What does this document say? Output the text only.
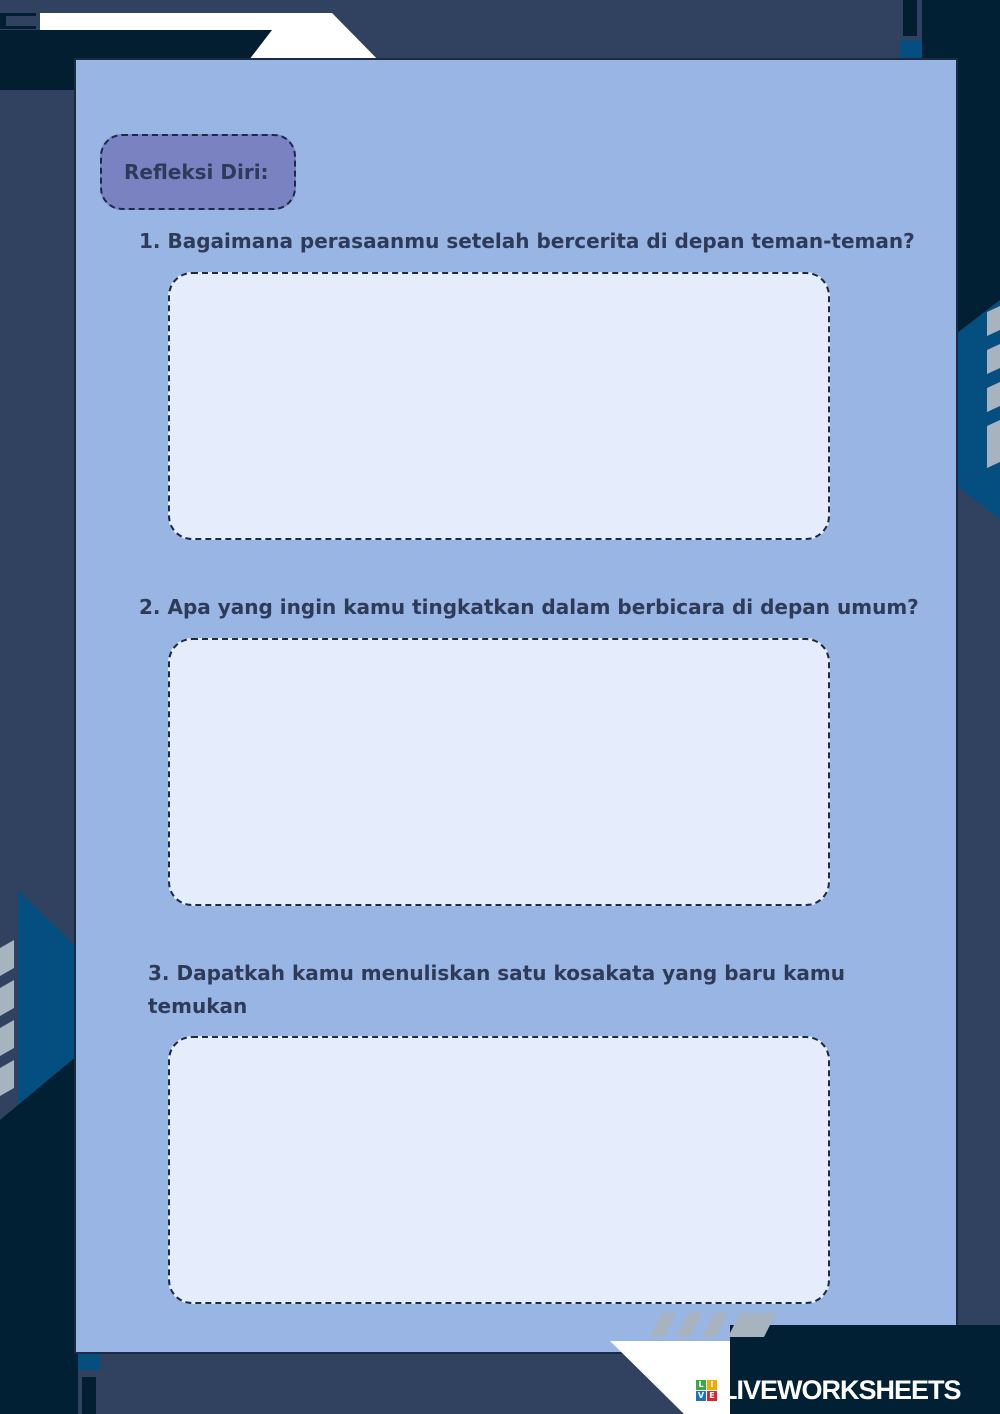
Refleksi Diri:

1. Bagaimana perasaanmu setelah bercerita di depan teman-teman?

2. Apa yang ingin kamu tingkatkan dalam berbicara di depan umum?

3. Dapatkah kamu menuliskan satu kosakata yang baru kamu temukan

L I
V E LIVEWORKSHEETS
